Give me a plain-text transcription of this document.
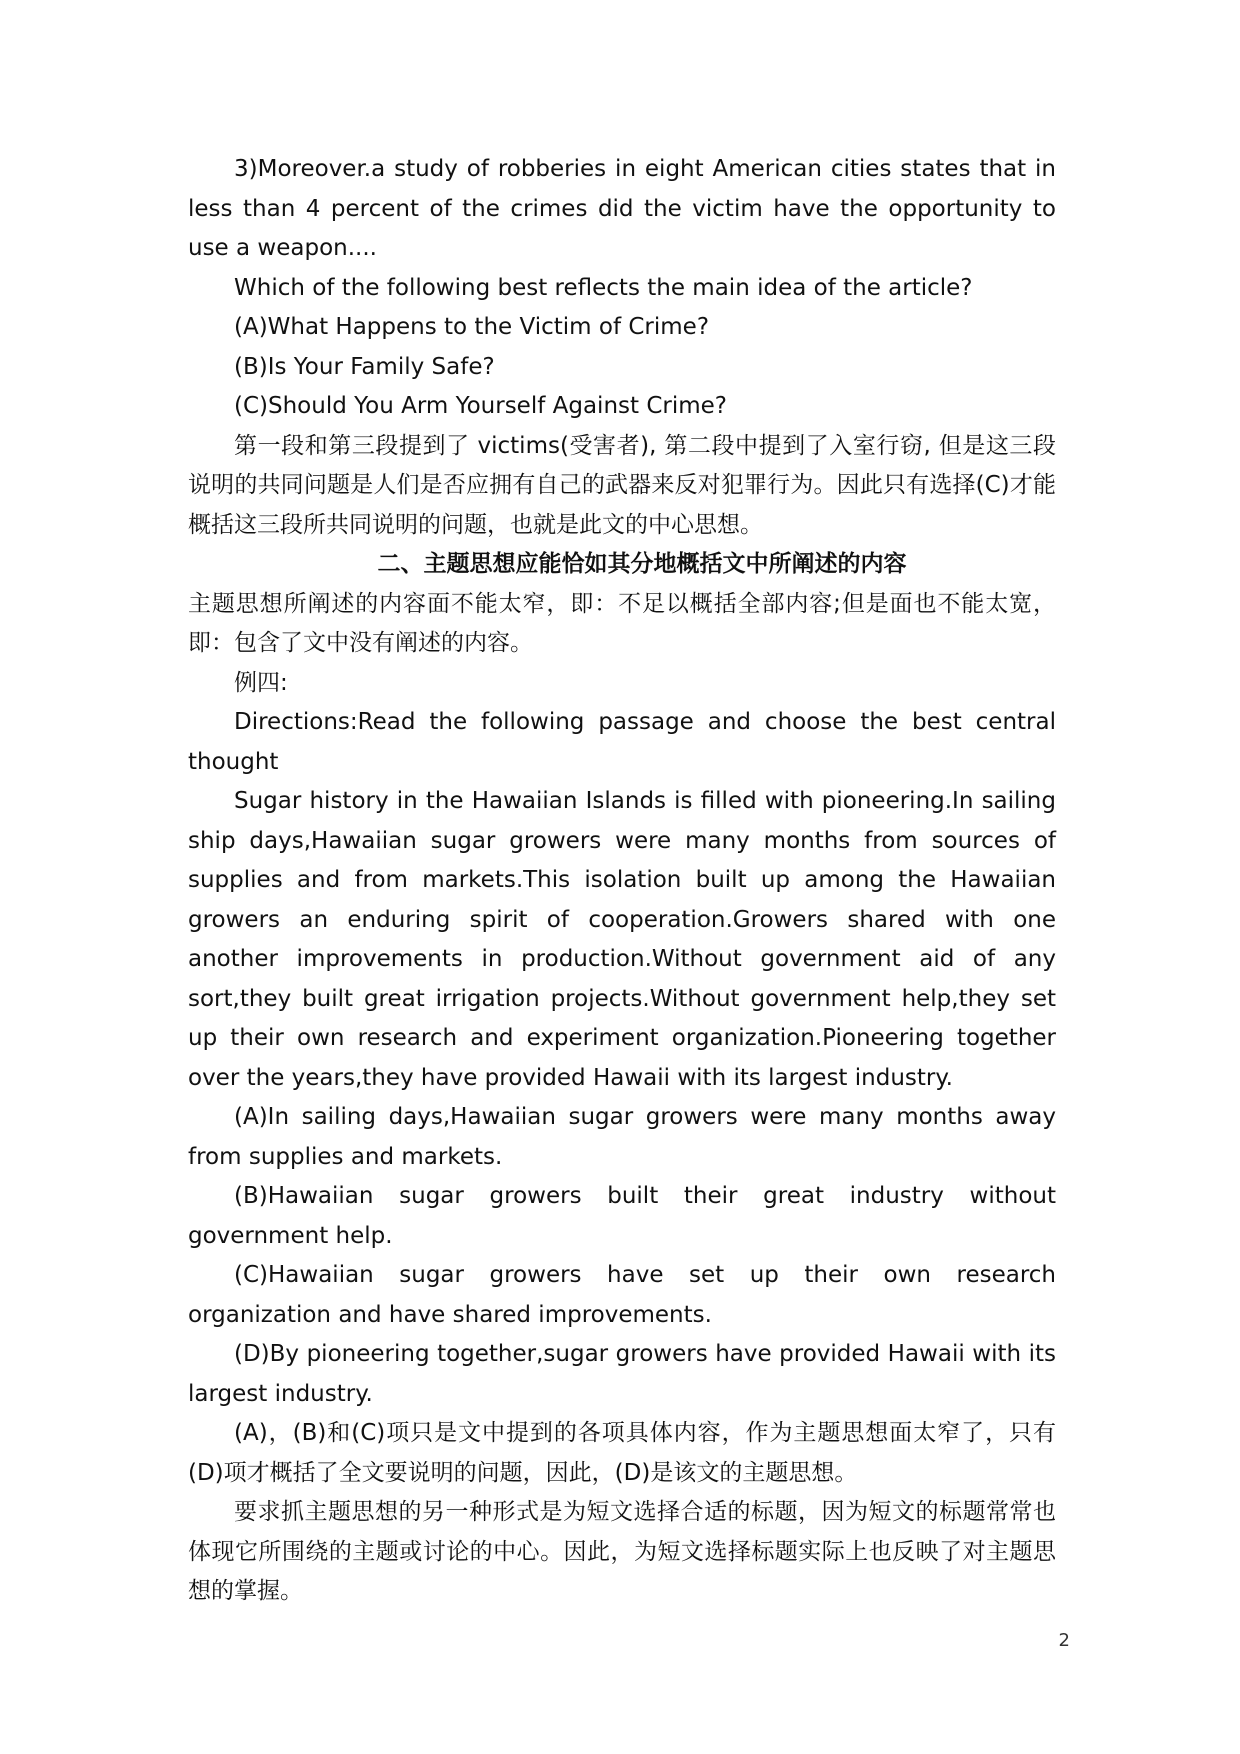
3)Moreover.a study of robberies in eight American cities states that in less than 4 percent of the crimes did the victim have the opportunity to use a weapon....

Which of the following best reflects the main idea of the article?

(A)What Happens to the Victim of Crime?

(B)Is Your Family Safe?

(C)Should You Arm Yourself Against Crime?

第一段和第三段提到了 victims(受害者), 第二段中提到了入室行窃, 但是这三段说明的共同问题是人们是否应拥有自己的武器来反对犯罪行为。因此只有选择(C)才能概括这三段所共同说明的问题，也就是此文的中心思想。

二、主题思想应能恰如其分地概括文中所阐述的内容

主题思想所阐述的内容面不能太窄，即：不足以概括全部内容;但是面也不能太宽，即：包含了文中没有阐述的内容。

例四:

Directions:Read the following passage and choose the best central thought

Sugar history in the Hawaiian Islands is filled with pioneering.In sailing ship days,Hawaiian sugar growers were many months from sources of supplies and from markets.This isolation built up among the Hawaiian growers an enduring spirit of cooperation.Growers shared with one another improvements in production.Without government aid of any sort,they built great irrigation projects.Without government help,they set up their own research and experiment organization.Pioneering together over the years,they have provided Hawaii with its largest industry.

(A)In sailing days,Hawaiian sugar growers were many months away from supplies and markets.

(B)Hawaiian sugar growers built their great industry without government help.

(C)Hawaiian sugar growers have set up their own research organization and have shared improvements.

(D)By pioneering together,sugar growers have provided Hawaii with its largest industry.

(A)，(B)和(C)项只是文中提到的各项具体内容，作为主题思想面太窄了，只有(D)项才概括了全文要说明的问题，因此，(D)是该文的主题思想。

要求抓主题思想的另一种形式是为短文选择合适的标题，因为短文的标题常常也体现它所围绕的主题或讨论的中心。因此，为短文选择标题实际上也反映了对主题思想的掌握。

2
